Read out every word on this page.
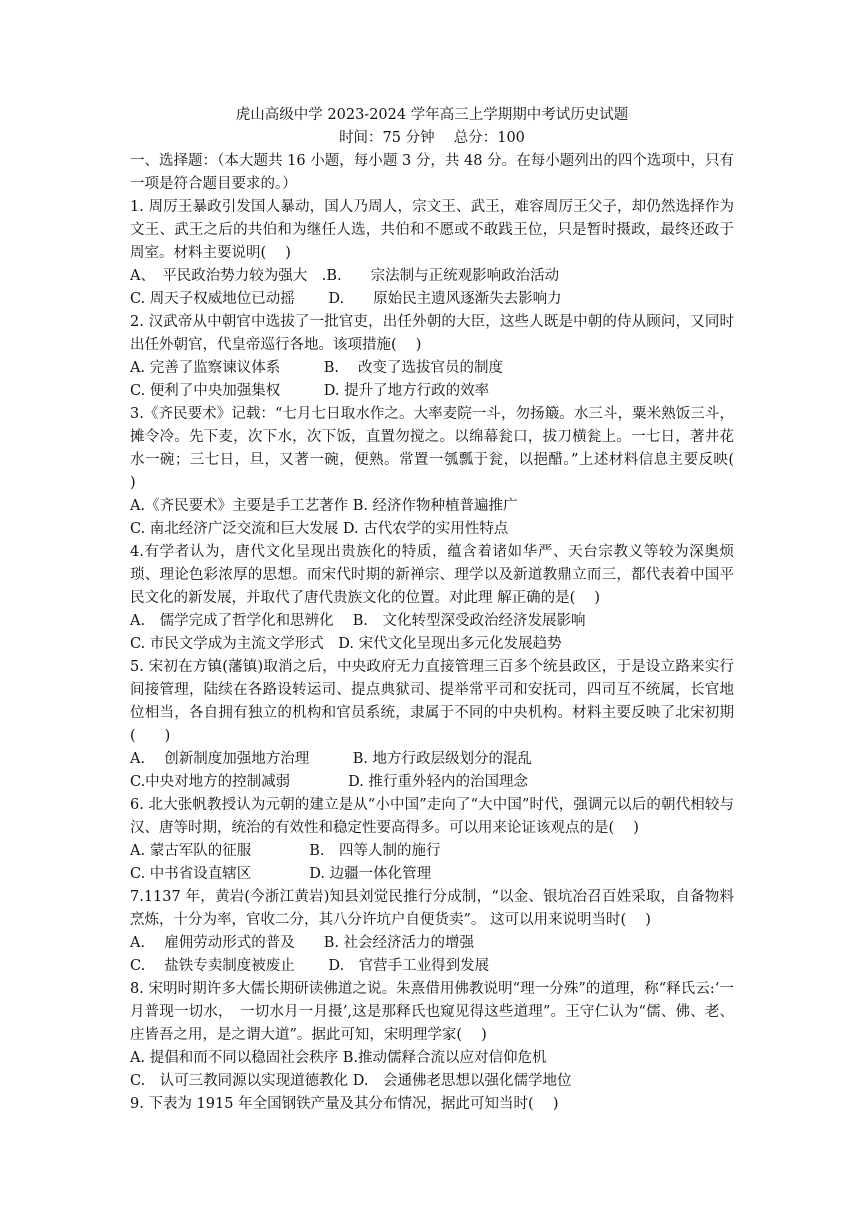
虎山高级中学 2023-2024 学年高三上学期期中考试历史试题
时间：75 分钟　 总分：100

一、选择题：（本大题共 16 小题，每小题 3 分，共 48 分。在每小题列出的四个选项中，只有一项是符合题目要求的。）

1. 周厉王暴政引发国人暴动，国人乃周人，宗文王、武王，难容周厉王父子，却仍然选择作为文王、武王之后的共伯和为继任人选，共伯和不愿或不敢践王位，只是暂时摄政，最终还政于周室。材料主要说明(　 )

A、　平民政治势力较为强大　.B.　　宗法制与正统观影响政治活动
C. 周天子权威地位已动摇　　 D.　　原始民主遗风逐渐失去影响力

2. 汉武帝从中朝官中选拔了一批官吏，出任外朝的大臣，这些人既是中朝的侍从顾问，又同时出任外朝官，代皇帝巡行各地。该项措施(　 )

A. 完善了监察谏议体系　　　B.　 改变了选拔官员的制度
C. 便利了中央加强集权　　　D. 提升了地方行政的效率

3.《齐民要术》记载：“七月七日取水作之。大率麦院一斗，勿扬簸。水三斗，粟米熟饭三斗，摊令冷。先下麦，次下水，次下饭，直置勿搅之。以绵幕瓮口，拔刀横瓮上。一七日，著井花水一碗；三七日，旦，又著一碗，便熟。常置一瓠瓢于瓮，以挹醋。”上述材料信息主要反映(　 )

A.《齐民要术》主要是手工艺著作 B. 经济作物种植普遍推广
C. 南北经济广泛交流和巨大发展 D. 古代农学的实用性特点

4.有学者认为，唐代文化呈现出贵族化的特质，蕴含着诸如华严、天台宗教义等较为深奥烦琐、理论色彩浓厚的思想。而宋代时期的新禅宗、理学以及新道教鼎立而三，都代表着中国平民文化的新发展，并取代了唐代贵族文化的位置。对此理 解正确的是(　 )

A.　儒学完成了哲学化和思辨化　 B.　文化转型深受政治经济发展影响
C. 市民文学成为主流文学形式　D. 宋代文化呈现出多元化发展趋势

5. 宋初在方镇(藩镇)取消之后，中央政府无力直接管理三百多个统县政区，于是设立路来实行间接管理，陆续在各路设转运司、提点典狱司、提举常平司和安抚司，四司互不统属，长官地位相当，各自拥有独立的机构和官员系统，隶属于不同的中央机构。材料主要反映了北宋初期(　　)

A.　 创新制度加强地方治理　　　B. 地方行政层级划分的混乱
C.中央对地方的控制减弱　　　　D. 推行重外轻内的治国理念

6. 北大张帆教授认为元朝的建立是从“小中国”走向了“大中国”时代，强调元以后的朝代相较与汉、唐等时期，统治的有效性和稳定性要高得多。可以用来论证该观点的是(　 )

A. 蒙古军队的征服　　　　B.　四等人制的施行
C. 中书省设直辖区　　　　D. 边疆一体化管理

7.1137 年，黄岩(今浙江黄岩)知县刘觉民推行分成制，“以金、银坑冶召百姓采取，自备物料烹炼，十分为率，官收二分，其八分许坑户自便货卖”。 这可以用来说明当时(　 )

A.　 雇佣劳动形式的普及　　B. 社会经济活力的增强
C.　 盐铁专卖制度被废止　　 D.　官营手工业得到发展

8. 宋明时期许多大儒长期研读佛道之说。朱熹借用佛教说明“理一分殊”的道理，称“释氏云:‘一月普现一切水，　一切水月一月摄’,这是那释氏也窥见得这些道理”。王守仁认为“儒、佛、老、庄皆吾之用，是之谓大道”。据此可知，宋明理学家(　 )

A. 提倡和而不同以稳固社会秩序 B.推动儒释合流以应对信仰危机
C.　认可三教同源以实现道德教化 D.　会通佛老思想以强化儒学地位

9. 下表为 1915 年全国钢铁产量及其分布情况，据此可知当时(　 )
